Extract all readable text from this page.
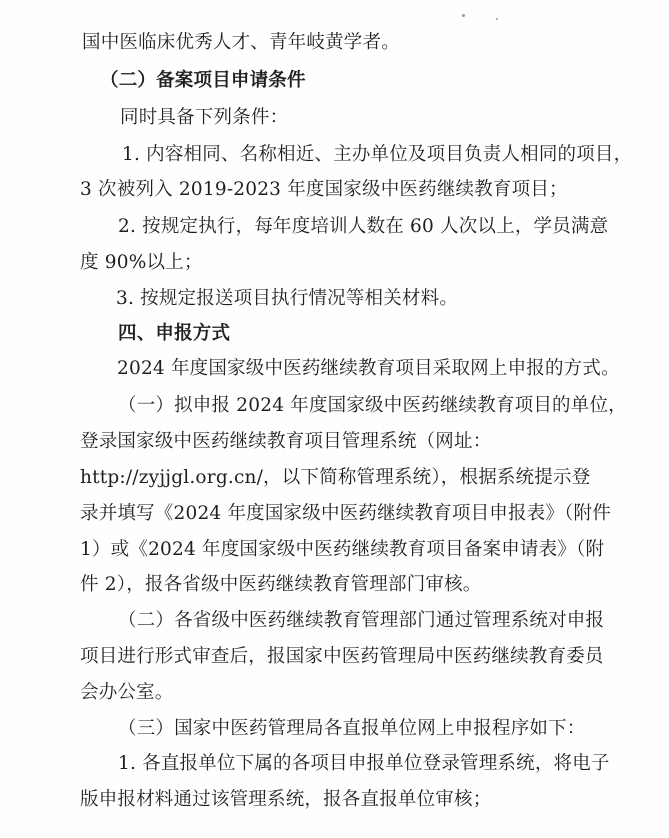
国中医临床优秀人才、青年岐黄学者。
（二）备案项目申请条件
同时具备下列条件：
1. 内容相同、名称相近、主办单位及项目负责人相同的项目，
3 次被列入 2019-2023 年度国家级中医药继续教育项目；
2. 按规定执行，每年度培训人数在 60 人次以上，学员满意
度 90%以上；
3. 按规定报送项目执行情况等相关材料。
四、申报方式
2024 年度国家级中医药继续教育项目采取网上申报的方式。
（一）拟申报 2024 年度国家级中医药继续教育项目的单位，
登录国家级中医药继续教育项目管理系统（网址：
http://zyjjgl.org.cn/，以下简称管理系统），根据系统提示登
录并填写《2024 年度国家级中医药继续教育项目申报表》（附件
1）或《2024 年度国家级中医药继续教育项目备案申请表》（附
件 2），报各省级中医药继续教育管理部门审核。
（二）各省级中医药继续教育管理部门通过管理系统对申报
项目进行形式审查后，报国家中医药管理局中医药继续教育委员
会办公室。
（三）国家中医药管理局各直报单位网上申报程序如下：
1. 各直报单位下属的各项目申报单位登录管理系统，将电子
版申报材料通过该管理系统，报各直报单位审核；
